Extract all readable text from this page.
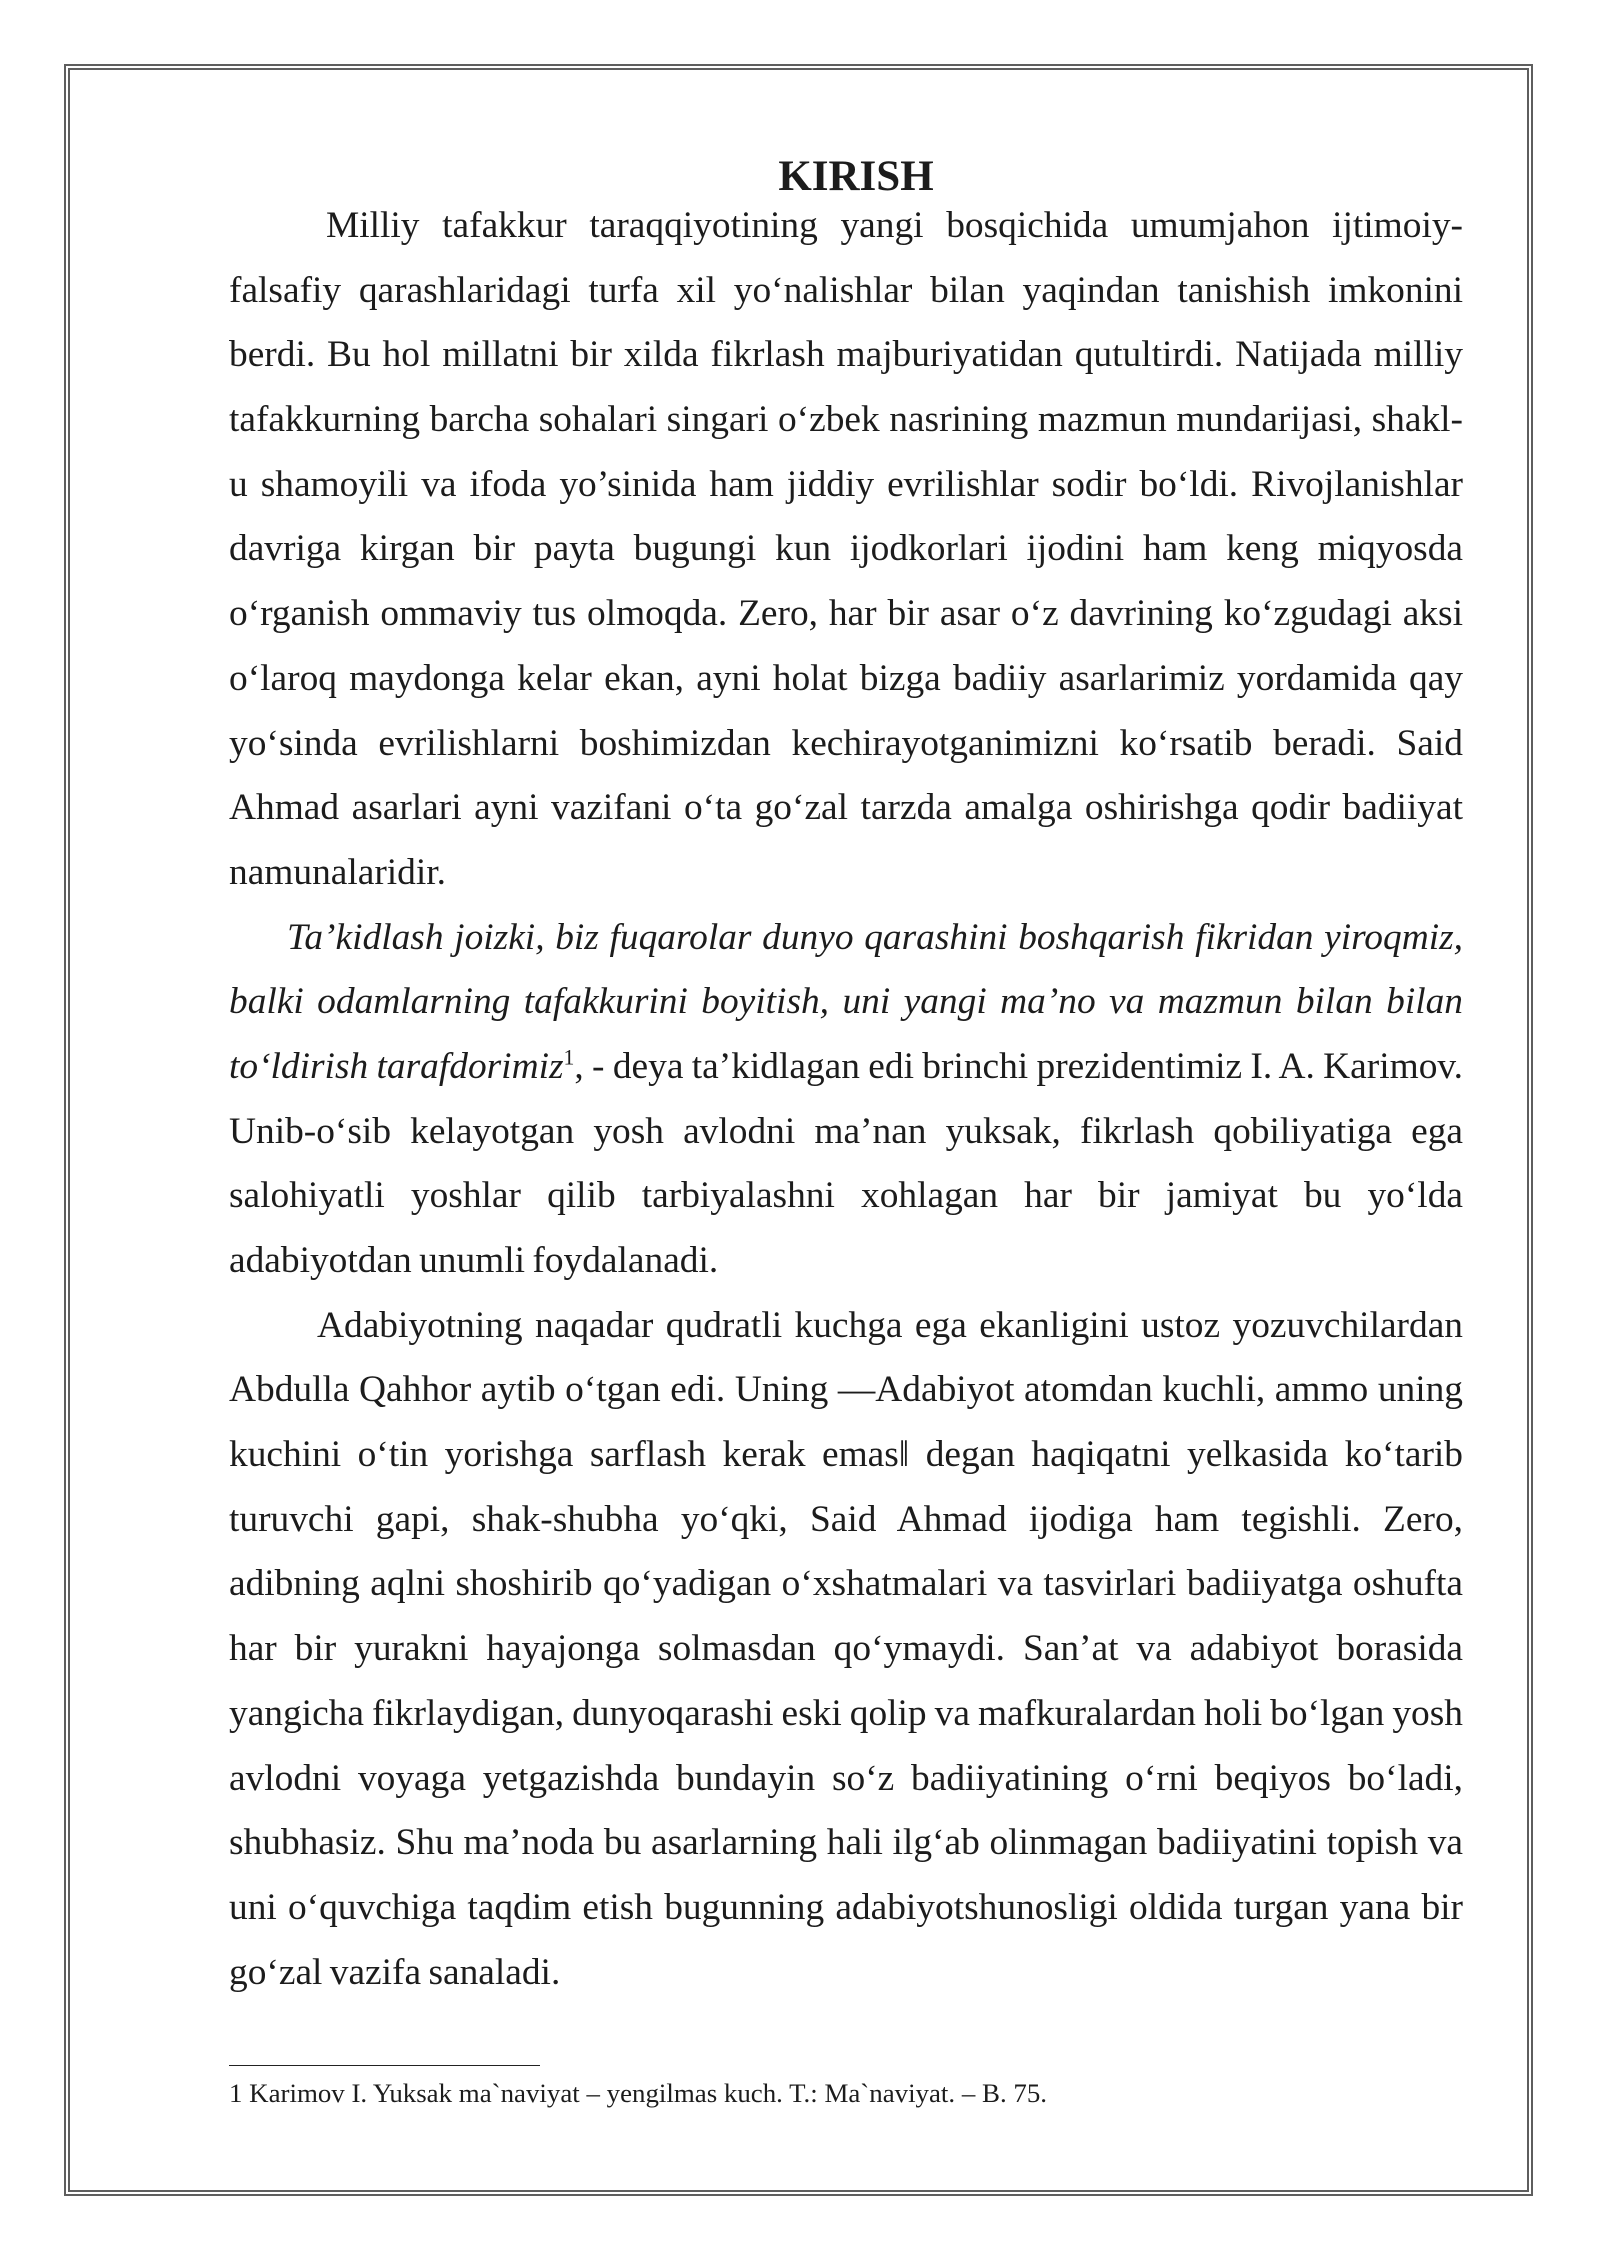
KIRISH
Milliy tafakkur taraqqiyotining yangi bosqichida umumjahon ijtimoiy-
falsafiy qarashlaridagi turfa xil yoʻnalishlar bilan yaqindan tanishish imkonini
berdi. Bu hol millatni bir xilda fikrlash majburiyatidan qutultirdi. Natijada milliy
tafakkurning barcha sohalari singari oʻzbek nasrining mazmun mundarijasi, shakl-
u shamoyili va ifoda yo’sinida ham jiddiy evrilishlar sodir boʻldi. Rivojlanishlar
davriga kirgan bir payta bugungi kun ijodkorlari ijodini ham keng miqyosda
oʻrganish ommaviy tus olmoqda. Zero, har bir asar oʻz davrining koʻzgudagi aksi
oʻlaroq maydonga kelar ekan, ayni holat bizga badiiy asarlarimiz yordamida qay
yoʻsinda evrilishlarni boshimizdan kechirayotganimizni koʻrsatib beradi. Said
Ahmad asarlari ayni vazifani oʻta goʻzal tarzda amalga oshirishga qodir badiiyat
namunalaridir.
Ta’kidlash joizki, biz fuqarolar dunyo qarashini boshqarish fikridan yiroqmiz,
balki odamlarning tafakkurini boyitish, uni yangi ma’no va mazmun bilan bilan
toʻldirish tarafdorimiz$^1$, - deya ta’kidlagan edi brinchi prezidentimiz I. A. Karimov.
Unib-oʻsib kelayotgan yosh avlodni ma’nan yuksak, fikrlash qobiliyatiga ega
salohiyatli yoshlar qilib tarbiyalashni xohlagan har bir jamiyat bu yoʻlda
adabiyotdan unumli foydalanadi.
Adabiyotning naqadar qudratli kuchga ega ekanligini ustoz yozuvchilardan
Abdulla Qahhor aytib oʻtgan edi. Uning ―Adabiyot atomdan kuchli, ammo uning
kuchini oʻtin yorishga sarflash kerak emas‖ degan haqiqatni yelkasida koʻtarib
turuvchi gapi, shak-shubha yoʻqki, Said Ahmad ijodiga ham tegishli. Zero,
adibning aqlni shoshirib qoʻyadigan oʻxshatmalari va tasvirlari badiiyatga oshufta
har bir yurakni hayajonga solmasdan qoʻymaydi. San’at va adabiyot borasida
yangicha fikrlaydigan, dunyoqarashi eski qolip va mafkuralardan holi boʻlgan yosh
avlodni voyaga yetgazishda bundayin soʻz badiiyatining oʻrni beqiyos boʻladi,
shubhasiz. Shu ma’noda bu asarlarning hali ilgʻab olinmagan badiiyatini topish va
uni oʻquvchiga taqdim etish bugunning adabiyotshunosligi oldida turgan yana bir
goʻzal vazifa sanaladi.
1 Karimov I. Yuksak ma`naviyat – yengilmas kuch. T.: Ma`naviyat. – B. 75.
